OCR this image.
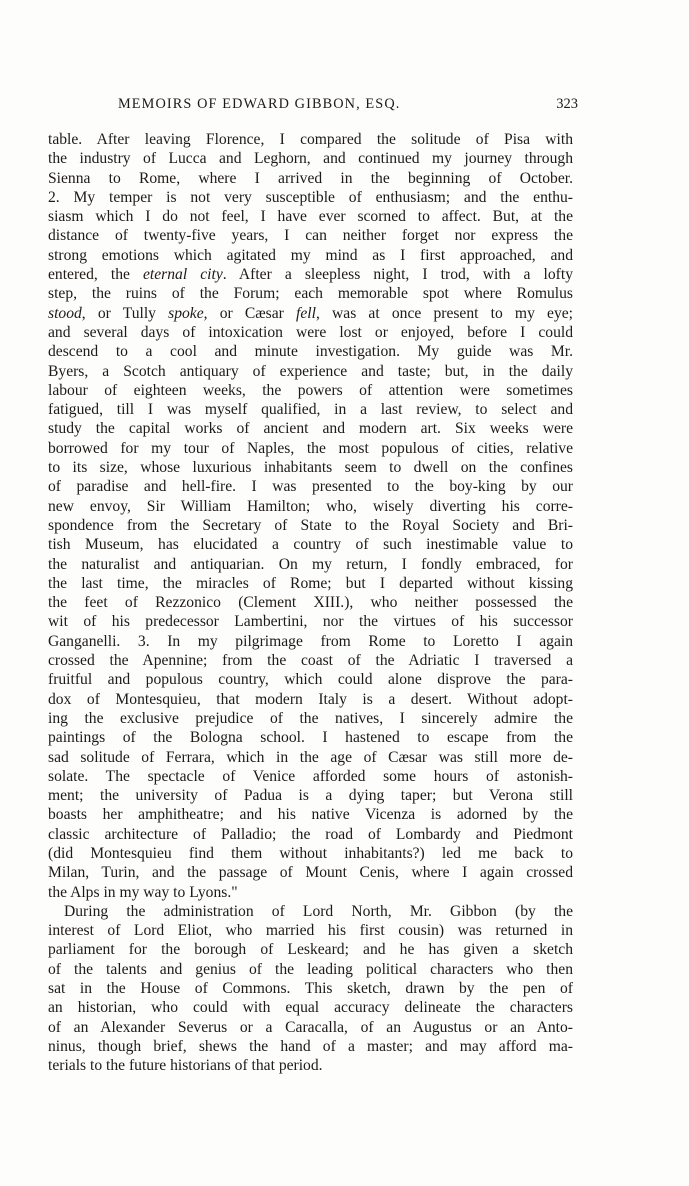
MEMOIRS OF EDWARD GIBBON, ESQ.	323
table. After leaving Florence, I compared the solitude of Pisa with
the industry of Lucca and Leghorn, and continued my journey through
Sienna to Rome, where I arrived in the beginning of October.
2. My temper is not very susceptible of enthusiasm; and the enthu-
siasm which I do not feel, I have ever scorned to affect. But, at the
distance of twenty-five years, I can neither forget nor express the
strong emotions which agitated my mind as I first approached, and
entered, the eternal city. After a sleepless night, I trod, with a lofty
step, the ruins of the Forum; each memorable spot where Romulus
stood, or Tully spoke, or Cæsar fell, was at once present to my eye;
and several days of intoxication were lost or enjoyed, before I could
descend to a cool and minute investigation. My guide was Mr.
Byers, a Scotch antiquary of experience and taste; but, in the daily
labour of eighteen weeks, the powers of attention were sometimes
fatigued, till I was myself qualified, in a last review, to select and
study the capital works of ancient and modern art. Six weeks were
borrowed for my tour of Naples, the most populous of cities, relative
to its size, whose luxurious inhabitants seem to dwell on the confines
of paradise and hell-fire. I was presented to the boy-king by our
new envoy, Sir William Hamilton; who, wisely diverting his corre-
spondence from the Secretary of State to the Royal Society and Bri-
tish Museum, has elucidated a country of such inestimable value to
the naturalist and antiquarian. On my return, I fondly embraced, for
the last time, the miracles of Rome; but I departed without kissing
the feet of Rezzonico (Clement XIII.), who neither possessed the
wit of his predecessor Lambertini, nor the virtues of his successor
Ganganelli. 3. In my pilgrimage from Rome to Loretto I again
crossed the Apennine; from the coast of the Adriatic I traversed a
fruitful and populous country, which could alone disprove the para-
dox of Montesquieu, that modern Italy is a desert. Without adopt-
ing the exclusive prejudice of the natives, I sincerely admire the
paintings of the Bologna school. I hastened to escape from the
sad solitude of Ferrara, which in the age of Cæsar was still more de-
solate. The spectacle of Venice afforded some hours of astonish-
ment; the university of Padua is a dying taper; but Verona still
boasts her amphitheatre; and his native Vicenza is adorned by the
classic architecture of Palladio; the road of Lombardy and Piedmont
(did Montesquieu find them without inhabitants?) led me back to
Milan, Turin, and the passage of Mount Cenis, where I again crossed
the Alps in my way to Lyons."
During the administration of Lord North, Mr. Gibbon (by the
interest of Lord Eliot, who married his first cousin) was returned in
parliament for the borough of Leskeard; and he has given a sketch
of the talents and genius of the leading political characters who then
sat in the House of Commons. This sketch, drawn by the pen of
an historian, who could with equal accuracy delineate the characters
of an Alexander Severus or a Caracalla, of an Augustus or an Anto-
ninus, though brief, shews the hand of a master; and may afford ma-
terials to the future historians of that period.
